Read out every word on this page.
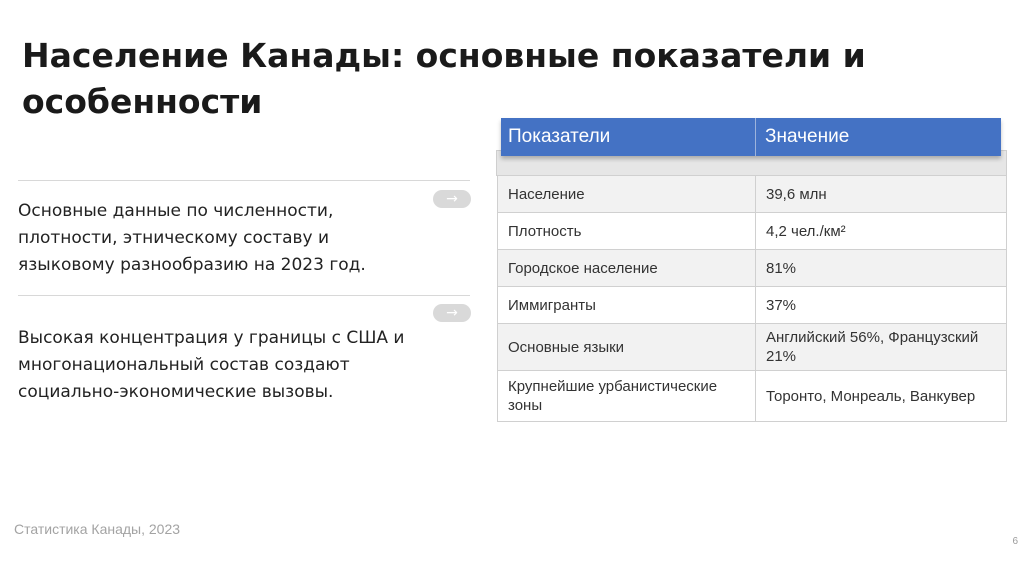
Население Канады: основные показатели и особенности
→

Основные данные по численности, плотности, этническому составу и языковому разнообразию на 2023 год.

→

Высокая концентрация у границы с США и многонациональный состав создают социально-экономические вызовы.

Население	39,6 млн
Плотность	4,2 чел./км²
Городское население	81%
Иммигранты	37%
Основные языки	Английский 56%, Французский 21%
Крупнейшие урбанистические зоны	Торонто, Монреаль, Ванкувер
Показатели	Значение
Статистика Канады, 2023
6
